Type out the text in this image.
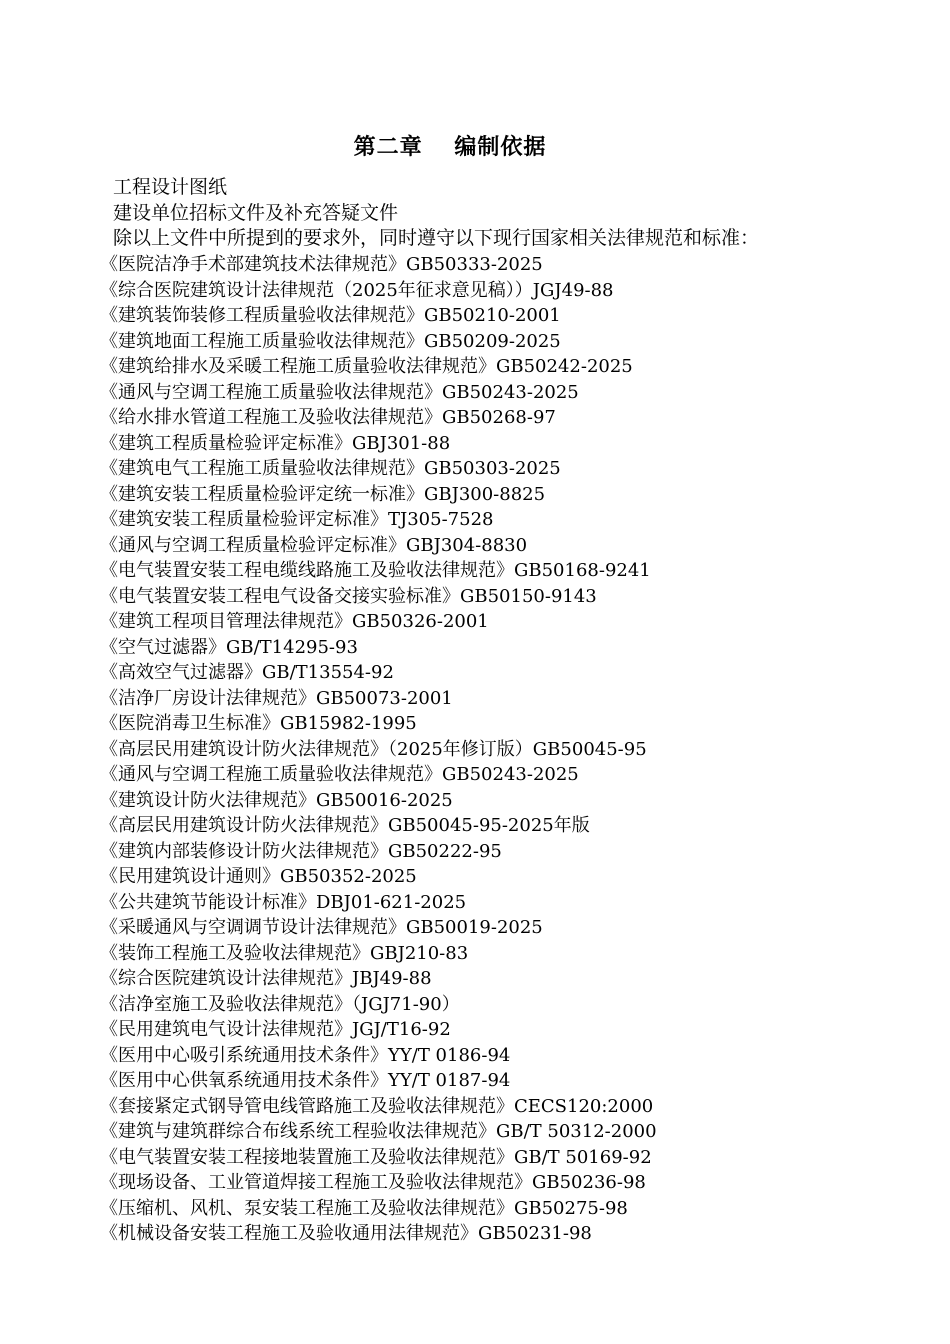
第二章　 编制依据
工程设计图纸
建设单位招标文件及补充答疑文件
除以上文件中所提到的要求外，同时遵守以下现行国家相关法律规范和标准：
《医院洁净手术部建筑技术法律规范》GB50333-2025
《综合医院建筑设计法律规范（2025年征求意见稿））JGJ49-88
《建筑装饰装修工程质量验收法律规范》GB50210-2001
《建筑地面工程施工质量验收法律规范》GB50209-2025
《建筑给排水及采暖工程施工质量验收法律规范》GB50242-2025
《通风与空调工程施工质量验收法律规范》GB50243-2025
《给水排水管道工程施工及验收法律规范》GB50268-97
《建筑工程质量检验评定标准》GBJ301-88
《建筑电气工程施工质量验收法律规范》GB50303-2025
《建筑安装工程质量检验评定统一标准》GBJ300-8825
《建筑安装工程质量检验评定标准》TJ305-7528
《通风与空调工程质量检验评定标准》GBJ304-8830
《电气装置安装工程电缆线路施工及验收法律规范》GB50168-9241
《电气装置安装工程电气设备交接实验标准》GB50150-9143
《建筑工程项目管理法律规范》GB50326-2001
《空气过滤器》GB/T14295-93
《高效空气过滤器》GB/T13554-92
《洁净厂房设计法律规范》GB50073-2001
《医院消毒卫生标准》GB15982-1995
《高层民用建筑设计防火法律规范》（2025年修订版）GB50045-95
《通风与空调工程施工质量验收法律规范》GB50243-2025
《建筑设计防火法律规范》GB50016-2025
《高层民用建筑设计防火法律规范》GB50045-95-2025年版
《建筑内部装修设计防火法律规范》GB50222-95
《民用建筑设计通则》GB50352-2025
《公共建筑节能设计标准》DBJ01-621-2025
《采暖通风与空调调节设计法律规范》GB50019-2025
《装饰工程施工及验收法律规范》GBJ210-83
《综合医院建筑设计法律规范》JBJ49-88
《洁净室施工及验收法律规范》（JGJ71-90）
《民用建筑电气设计法律规范》JGJ/T16-92
《医用中心吸引系统通用技术条件》YY/T 0186-94
《医用中心供氧系统通用技术条件》YY/T 0187-94
《套接紧定式钢导管电线管路施工及验收法律规范》CECS120:2000
《建筑与建筑群综合布线系统工程验收法律规范》GB/T 50312-2000
《电气装置安装工程接地装置施工及验收法律规范》GB/T 50169-92
《现场设备、工业管道焊接工程施工及验收法律规范》GB50236-98
《压缩机、风机、泵安装工程施工及验收法律规范》GB50275-98
《机械设备安装工程施工及验收通用法律规范》GB50231-98
